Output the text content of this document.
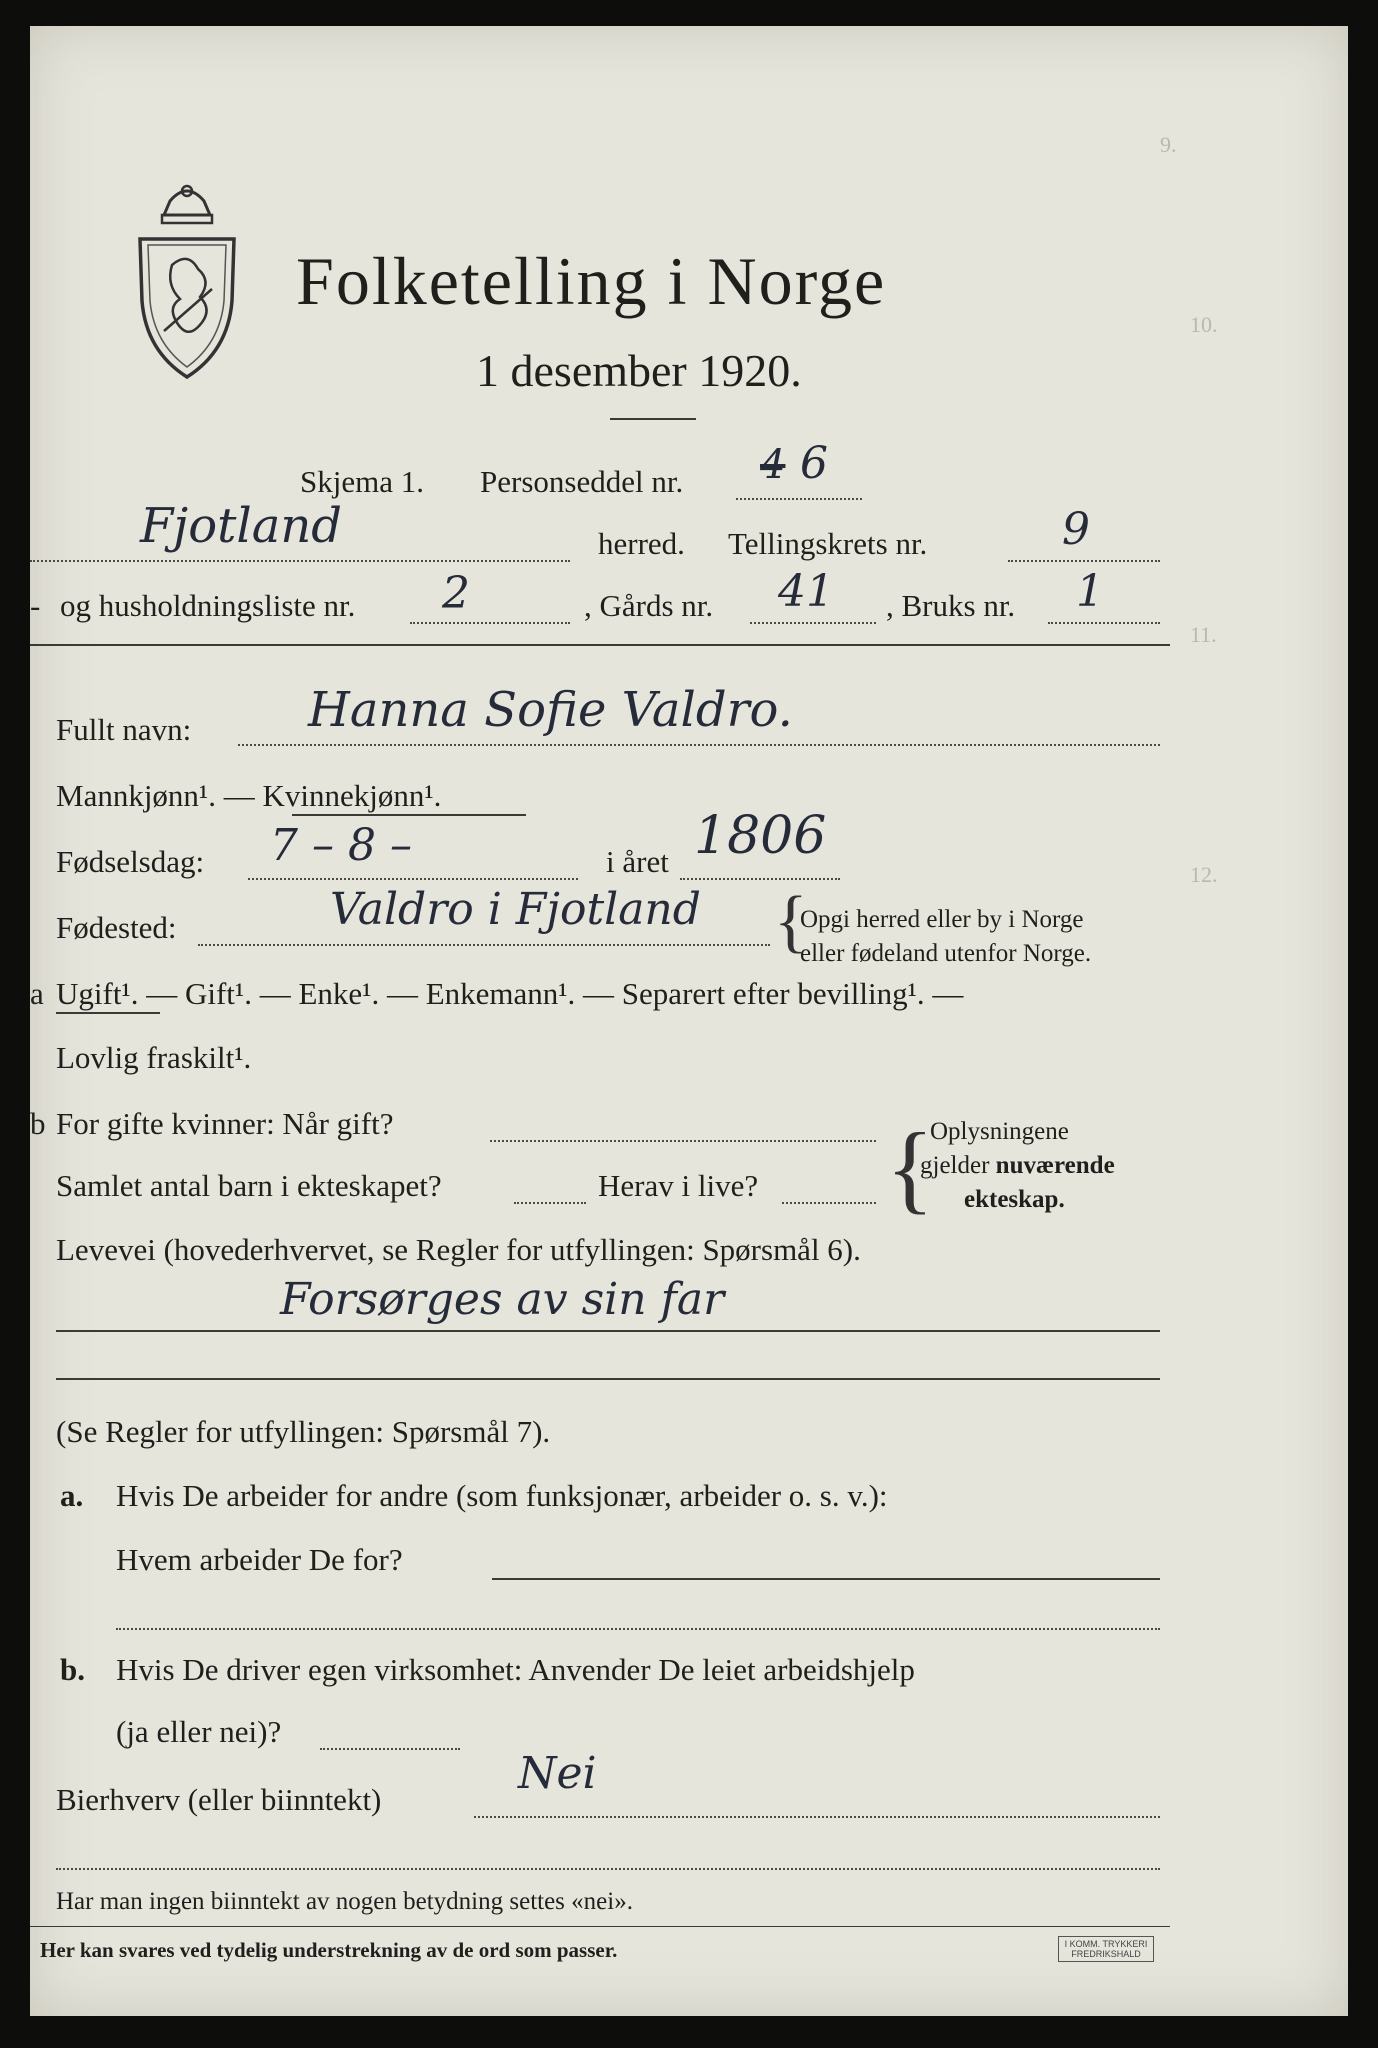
9.
10.
11.
12.
Folketelling i Norge
1 desember 1920.
Skjema 1. Personseddel nr.	6
4
Fjotland	herred. Tellingskrets nr.	9
- og husholdningsliste nr. 2	, Gårds nr. 41 , Bruks nr. 1
Fullt navn: Hanna Sofie Valdro.
Mannkjønn¹. — Kvinnekjønn¹.
Fødselsdag: 7 – 8 –	i året 1806
Fødested:	Valdro i Fjotland {
Opgi herred eller by i Norge
eller fødeland utenfor Norge.
a Ugift¹. — Gift¹. — Enke¹. — Enkemann¹. — Separert efter bevilling¹. —
Lovlig fraskilt¹.
b For gifte kvinner: Når gift?
Samlet antal barn i ekteskapet?	Herav i live? {
Oplysningene
gjelder nuværende
ekteskap.
Levevei (hovederhvervet, se Regler for utfyllingen: Spørsmål 6).
Forsørges av sin far
(Se Regler for utfyllingen: Spørsmål 7).
a. Hvis De arbeider for andre (som funksjonær, arbeider o. s. v.):
Hvem arbeider De for?
b. Hvis De driver egen virksomhet: Anvender De leiet arbeidshjelp
(ja eller nei)?
Bierhverv (eller biinntekt)
Nei
Har man ingen biinntekt av nogen betydning settes «nei».
Her kan svares ved tydelig understrekning av de ord som passer.	I KOMM. TRYKKERI FREDRIKSHALD
